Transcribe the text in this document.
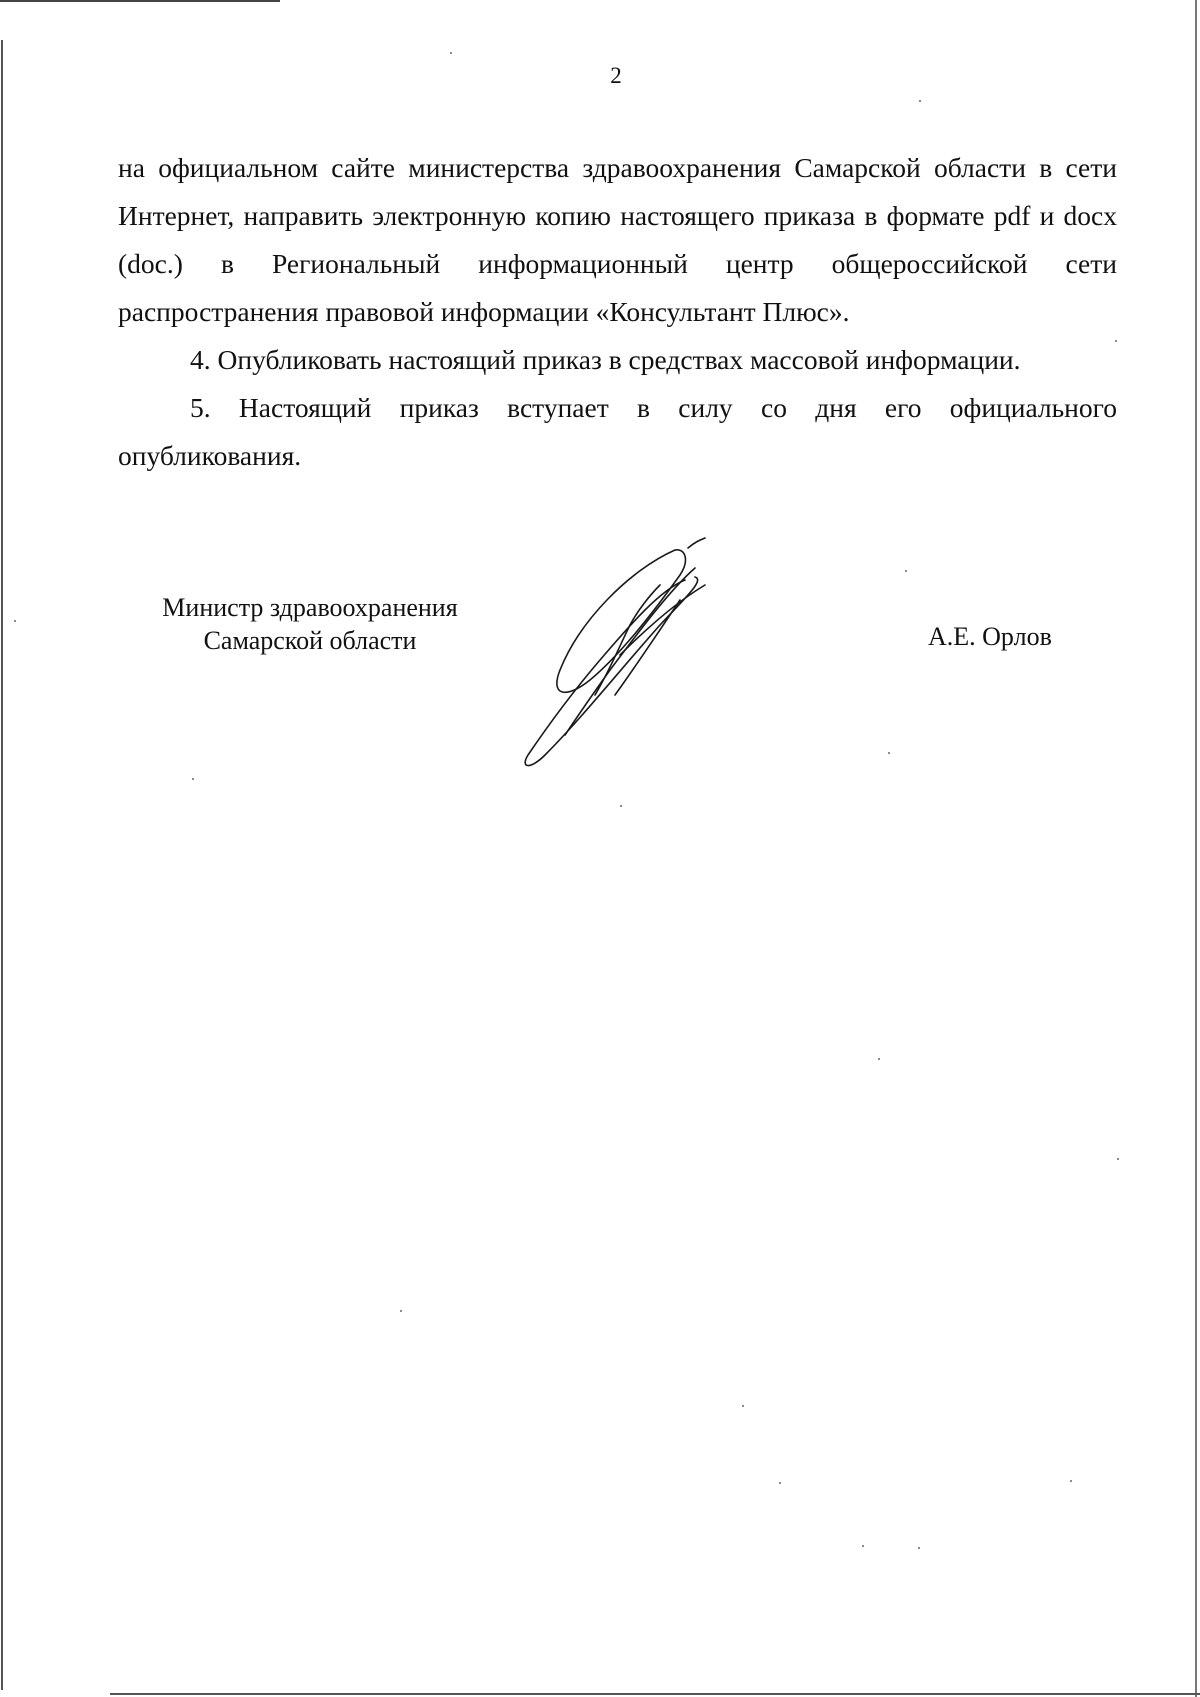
2

на официальном сайте министерства здравоохранения Самарской области в сети
Интернет, направить электронную копию настоящего приказа в формате pdf и docx
(doc.) в Региональный информационный центр общероссийской сети
распространения правовой информации «Консультант Плюс».

4. Опубликовать настоящий приказ в средствах массовой информации.

5. Настоящий приказ вступает в силу со дня его официального
опубликования.

Министр здравоохранения
Самарской области	А.Е. Орлов
